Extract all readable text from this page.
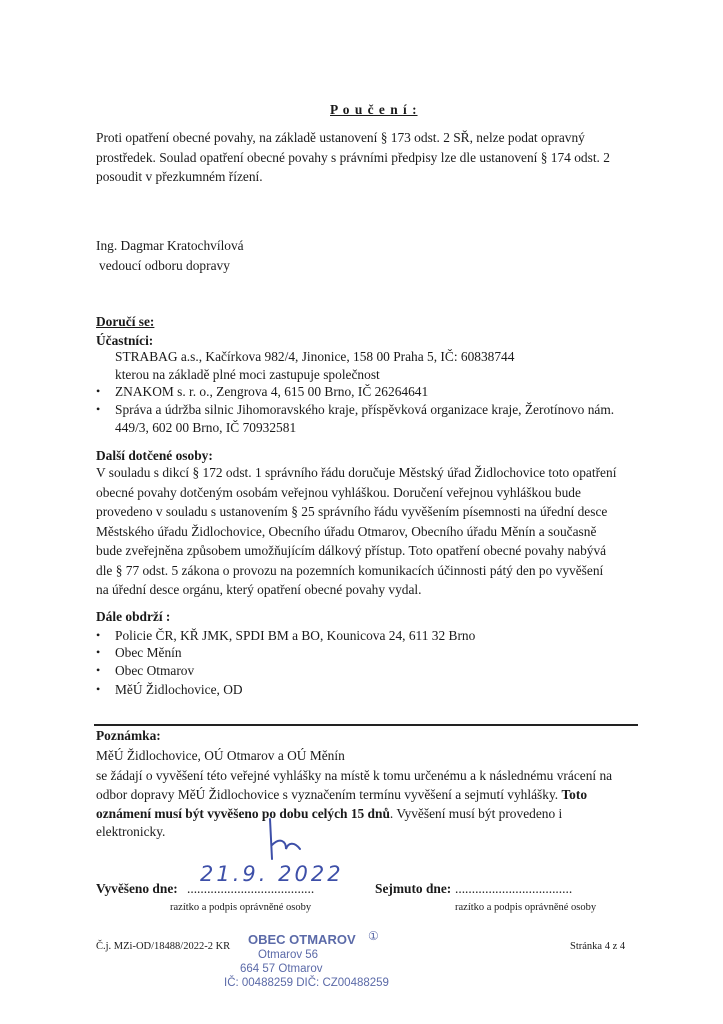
P o u č e n í :

Proti opatření obecné povahy, na základě ustanovení § 173 odst. 2 SŘ, nelze podat opravný

prostředek. Soulad opatření obecné povahy s právními předpisy lze dle ustanovení § 174 odst. 2

posoudit v přezkumném řízení.

Ing. Dagmar Kratochvílová
vedoucí odboru dopravy
Doručí se:
Účastníci:
STRABAG a.s., Kačírkova 982/4, Jinonice, 158 00 Praha 5, IČ: 60838744
kterou na základě plné moci zastupuje společnost
• ZNAKOM s. r. o., Zengrova 4, 615 00 Brno, IČ 26264641
• Správa a údržba silnic Jihomoravského kraje, příspěvková organizace kraje, Žerotínovo nám.
449/3, 602 00 Brno, IČ 70932581
Další dotčené osoby:

V souladu s dikcí § 172 odst. 1 správního řádu doručuje Městský úřad Židlochovice toto opatření

obecné povahy dotčeným osobám veřejnou vyhláškou. Doručení veřejnou vyhláškou bude

provedeno v souladu s ustanovením § 25 správního řádu vyvěšením písemnosti na úřední desce

Městského úřadu Židlochovice, Obecního úřadu Otmarov, Obecního úřadu Měnín a současně

bude zveřejněna způsobem umožňujícím dálkový přístup. Toto opatření obecné povahy nabývá

dle § 77 odst. 5 zákona o provozu na pozemních komunikacích účinnosti pátý den po vyvěšení

na úřední desce orgánu, který opatření obecné povahy vydal.

Dále obdrží :
• Policie ČR, KŘ JMK, SPDI BM a BO, Kounicova 24, 611 32 Brno
• Obec Měnín
• Obec Otmarov
• MěÚ Židlochovice, OD
Poznámka:
MěÚ Židlochovice, OÚ Otmarov a OÚ Měnín
se žádají o vyvěšení této veřejné vyhlášky na místě k tomu určenému a k následnému vrácení na
odbor dopravy MěÚ Židlochovice s vyznačením termínu vyvěšení a sejmutí vyhlášky. Toto
oznámení musí být vyvěšeno po dobu celých 15 dnů. Vyvěšení musí být provedeno i
elektronicky.
Vyvěšeno dne: ......................................
21.9. 2022
Sejmuto dne: ...................................
razítko a podpis oprávněné osoby	razítko a podpis oprávněné osoby
Č.j. MZi-OD/18488/2022-2 KR	Stránka 4 z 4
OBEC OTMAROV ①
Otmarov 56
664 57 Otmarov
IČ: 00488259 DIČ: CZ00488259
